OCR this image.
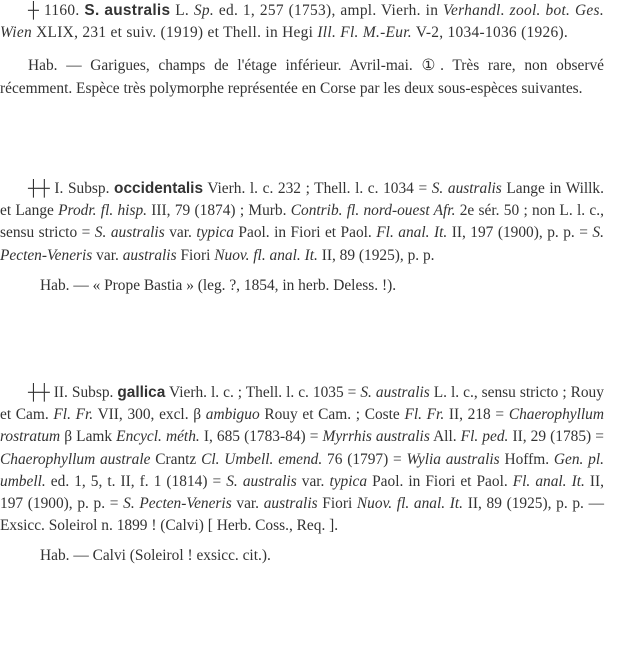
┼ 1160. S. australis L. Sp. ed. 1, 257 (1753), ampl. Vierh. in Verhandl. zool. bot. Ges. Wien XLIX, 231 et suiv. (1919) et Thell. in Hegi Ill. Fl. M.-Eur. V-2, 1034-1036 (1926).

Hab. — Garigues, champs de l'étage inférieur. Avril-mai. ①. Très rare, non observé récemment. Espèce très polymorphe représentée en Corse par les deux sous-espèces suivantes.

┼┼ I. Subsp. occidentalis Vierh. l. c. 232 ; Thell. l. c. 1034 = S. australis Lange in Willk. et Lange Prodr. fl. hisp. III, 79 (1874) ; Murb. Contrib. fl. nord-ouest Afr. 2e sér. 50 ; non L. l. c., sensu stricto = S. australis var. typica Paol. in Fiori et Paol. Fl. anal. It. II, 197 (1900), p. p. = S. Pecten-Veneris var. australis Fiori Nuov. fl. anal. It. II, 89 (1925), p. p.

Hab. — « Prope Bastia » (leg. ?, 1854, in herb. Deless. !).

┼┼ II. Subsp. gallica Vierh. l. c. ; Thell. l. c. 1035 = S. australis L. l. c., sensu stricto ; Rouy et Cam. Fl. Fr. VII, 300, excl. β ambiguo Rouy et Cam. ; Coste Fl. Fr. II, 218 = Chaerophyllum rostratum β Lamk Encycl. méth. I, 685 (1783-84) = Myrrhis australis All. Fl. ped. II, 29 (1785) = Chaerophyllum australe Crantz Cl. Umbell. emend. 76 (1797) = Wylia australis Hoffm. Gen. pl. umbell. ed. 1, 5, t. II, f. 1 (1814) = S. australis var. typica Paol. in Fiori et Paol. Fl. anal. It. II, 197 (1900), p. p. = S. Pecten-Veneris var. australis Fiori Nuov. fl. anal. It. II, 89 (1925), p. p. — Exsicc. Soleirol n. 1899 ! (Calvi) [ Herb. Coss., Req. ].

Hab. — Calvi (Soleirol ! exsicc. cit.).
